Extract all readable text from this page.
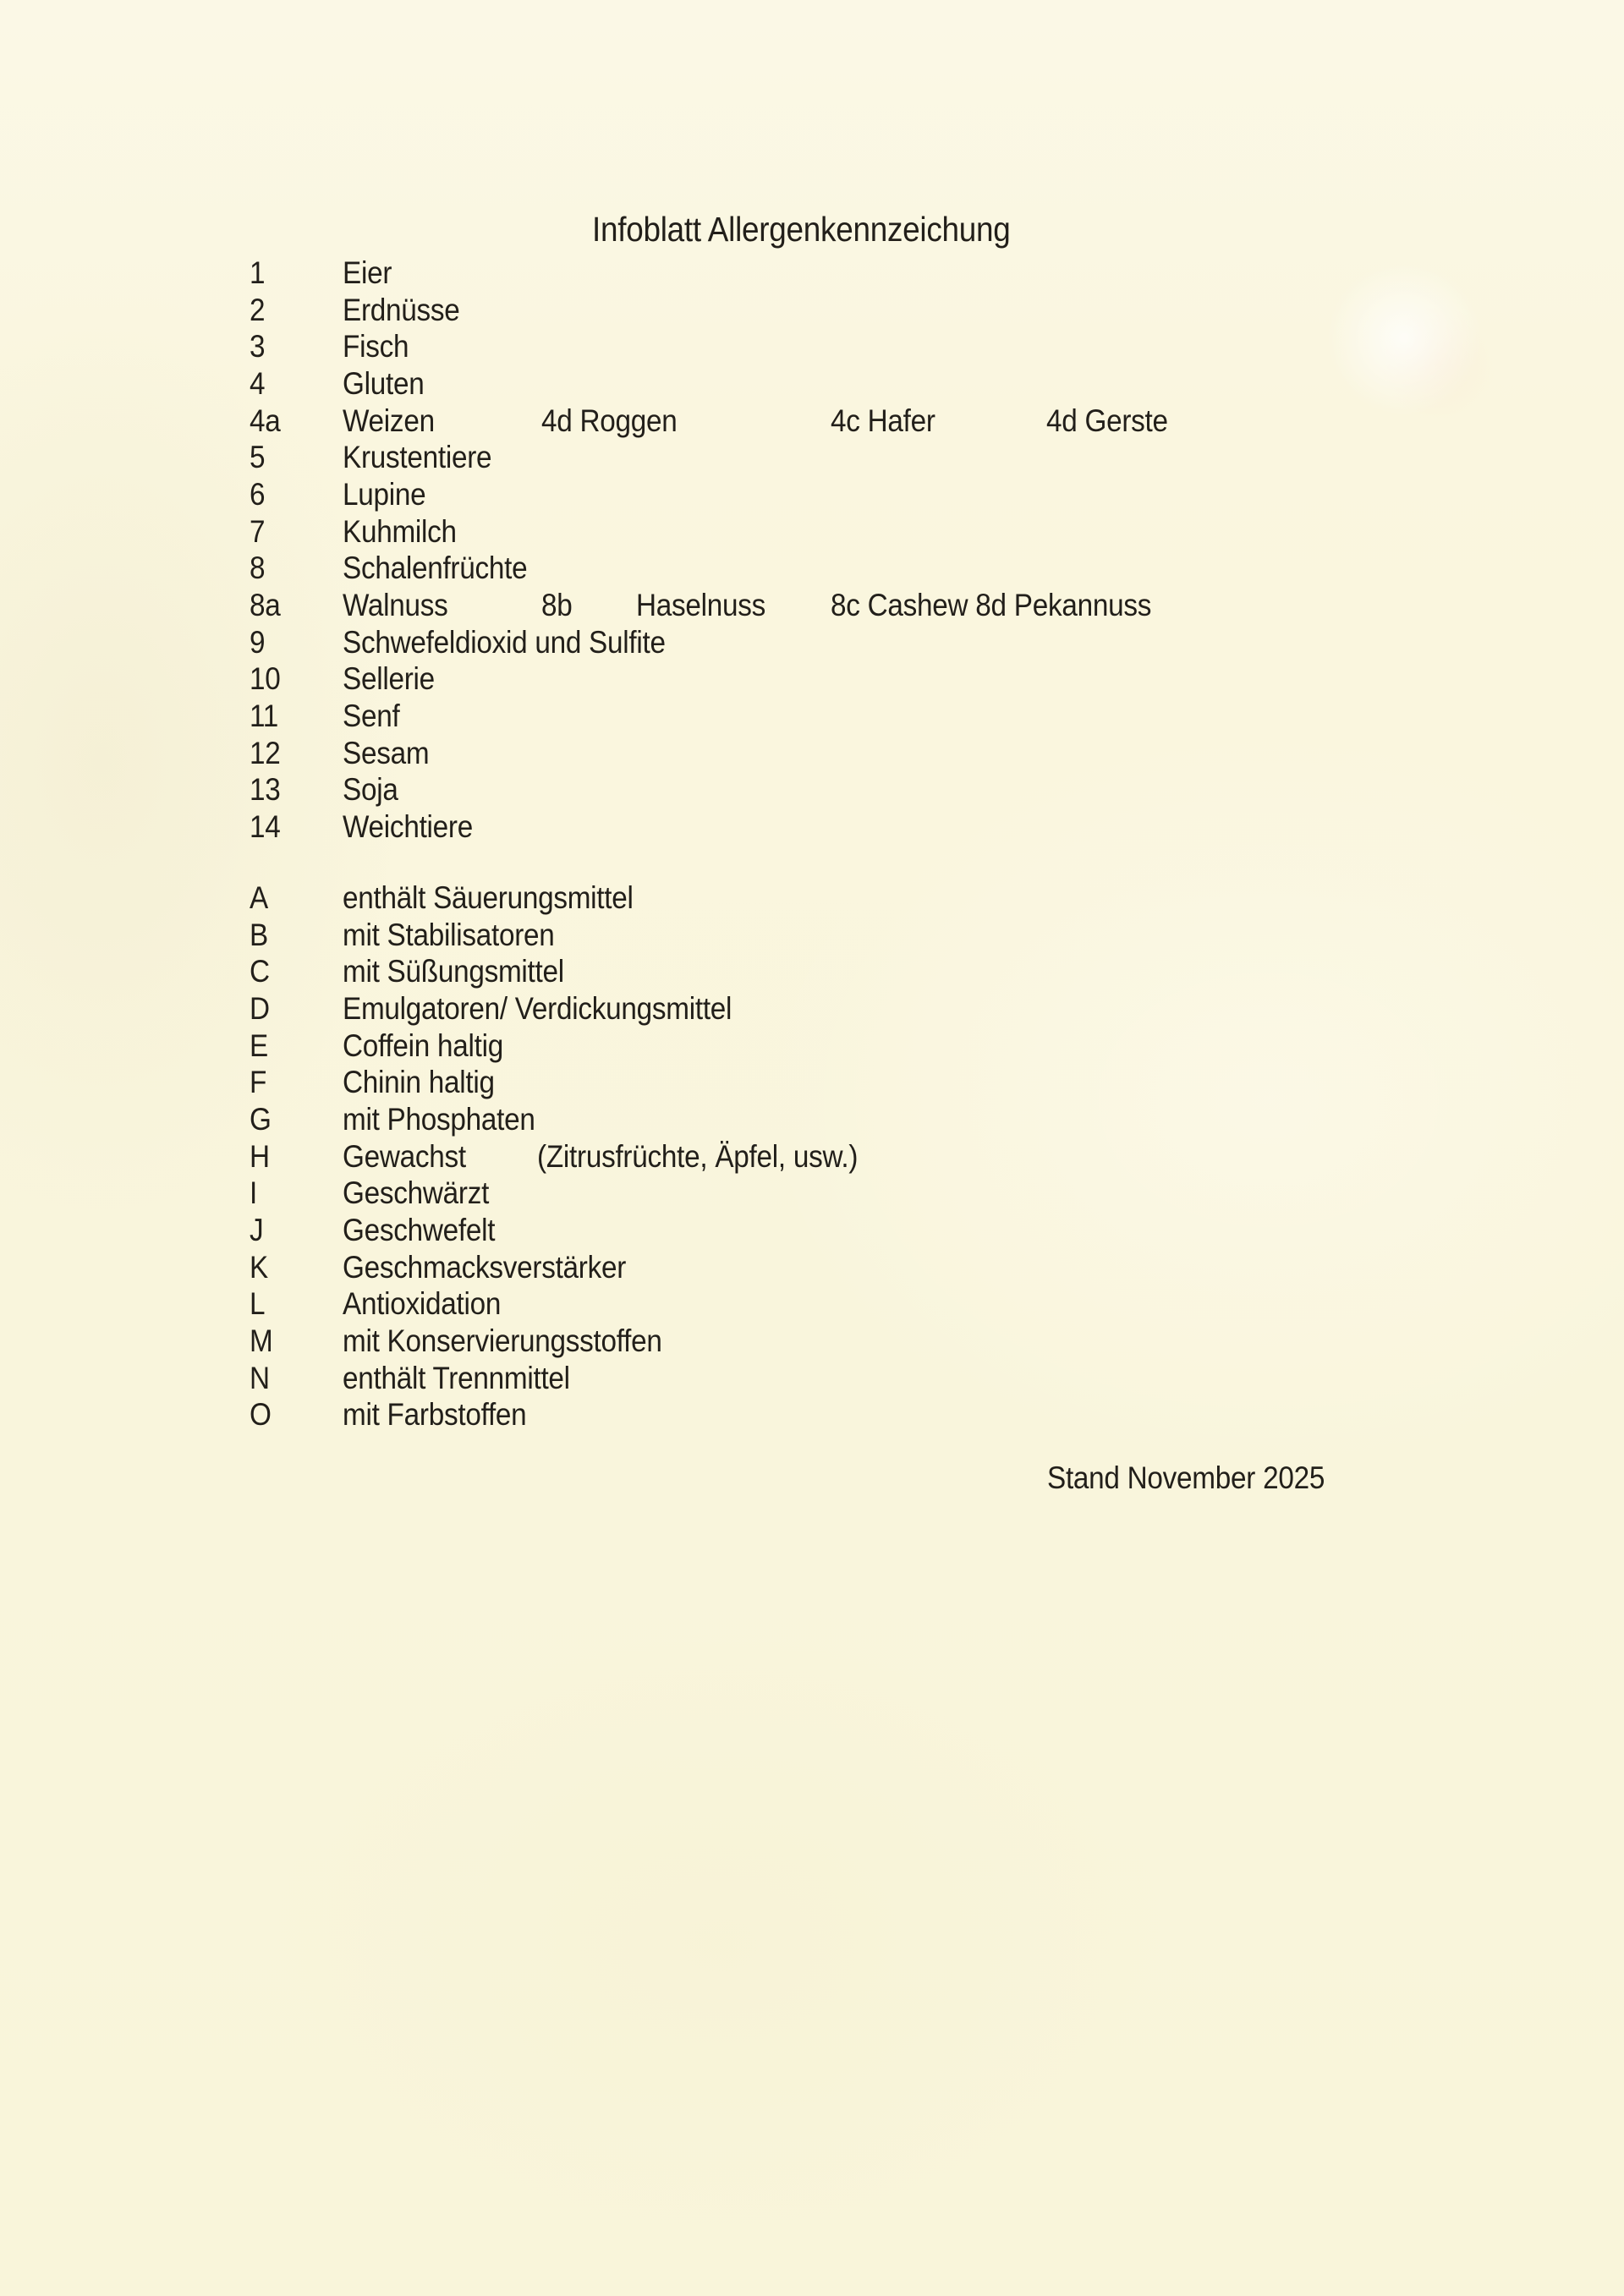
Infoblatt Allergenkennzeichung
1	Eier
2	Erdnüsse
3	Fisch
4	Gluten
4a	Weizen	4d Roggen	4c Hafer	4d Gerste
5	Krustentiere
6	Lupine
7	Kuhmilch
8	Schalenfrüchte
8a	Walnuss	8b Haselnuss 8c Cashew 8d Pekannuss
9	Schwefeldioxid und Sulfite
10	Sellerie
11	Senf
12	Sesam
13	Soja
14	Weichtiere
A	enthält Säuerungsmittel
B	mit Stabilisatoren
C	mit Süßungsmittel
D	Emulgatoren/ Verdickungsmittel
E	Coffein haltig
F	Chinin haltig
G	mit Phosphaten
H	Gewachst (Zitrusfrüchte, Äpfel, usw.)
I	Geschwärzt
J	Geschwefelt
K	Geschmacksverstärker
L	Antioxidation
M	mit Konservierungsstoffen
N	enthält Trennmittel
O	mit Farbstoffen
Stand November 2025
